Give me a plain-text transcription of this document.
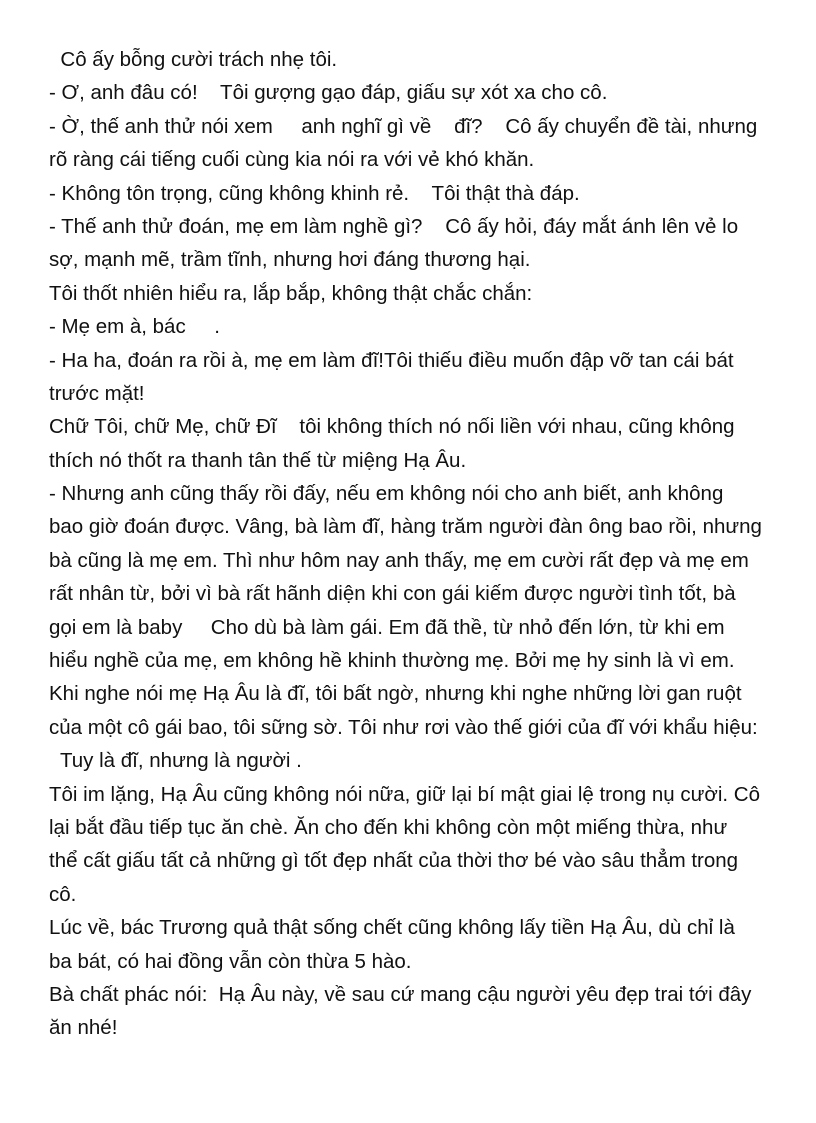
Cô ấy bỗng cười trách nhẹ tôi.
- Ơ, anh đâu có!    Tôi gượng gạo đáp, giấu sự xót xa cho cô.
- Ờ, thế anh thử nói xem     anh nghĩ gì về    đĩ?    Cô ấy chuyển đề tài, nhưng
rõ ràng cái tiếng cuối cùng kia nói ra với vẻ khó khăn.
- Không tôn trọng, cũng không khinh rẻ.    Tôi thật thà đáp.
- Thế anh thử đoán, mẹ em làm nghề gì?    Cô ấy hỏi, đáy mắt ánh lên vẻ lo
sợ, mạnh mẽ, trầm tĩnh, nhưng hơi đáng thương hại.
Tôi thốt nhiên hiểu ra, lắp bắp, không thật chắc chắn:
- Mẹ em à, bác     .
- Ha ha, đoán ra rồi à, mẹ em làm đĩ!Tôi thiếu điều muốn đập vỡ tan cái bát
trước mặt!
Chữ Tôi, chữ Mẹ, chữ Đĩ    tôi không thích nó nối liền với nhau, cũng không
thích nó thốt ra thanh tân thế từ miệng Hạ Âu.
- Nhưng anh cũng thấy rồi đấy, nếu em không nói cho anh biết, anh không
bao giờ đoán được. Vâng, bà làm đĩ, hàng trăm người đàn ông bao rồi, nhưng
bà cũng là mẹ em. Thì như hôm nay anh thấy, mẹ em cười rất đẹp và mẹ em
rất nhân từ, bởi vì bà rất hãnh diện khi con gái kiếm được người tình tốt, bà
gọi em là baby     Cho dù bà làm gái. Em đã thề, từ nhỏ đến lớn, từ khi em
hiểu nghề của mẹ, em không hề khinh thường mẹ. Bởi mẹ hy sinh là vì em.
Khi nghe nói mẹ Hạ Âu là đĩ, tôi bất ngờ, nhưng khi nghe những lời gan ruột
của một cô gái bao, tôi sững sờ. Tôi như rơi vào thế giới của đĩ với khẩu hiệu:
Tuy là đĩ, nhưng là người .
Tôi im lặng, Hạ Âu cũng không nói nữa, giữ lại bí mật giai lệ trong nụ cười. Cô
lại bắt đầu tiếp tục ăn chè. Ăn cho đến khi không còn một miếng thừa, như
thể cất giấu tất cả những gì tốt đẹp nhất của thời thơ bé vào sâu thẳm trong
cô.
Lúc về, bác Trương quả thật sống chết cũng không lấy tiền Hạ Âu, dù chỉ là
ba bát, có hai đồng vẫn còn thừa 5 hào.
Bà chất phác nói:  Hạ Âu này, về sau cứ mang cậu người yêu đẹp trai tới đây
ăn nhé!
